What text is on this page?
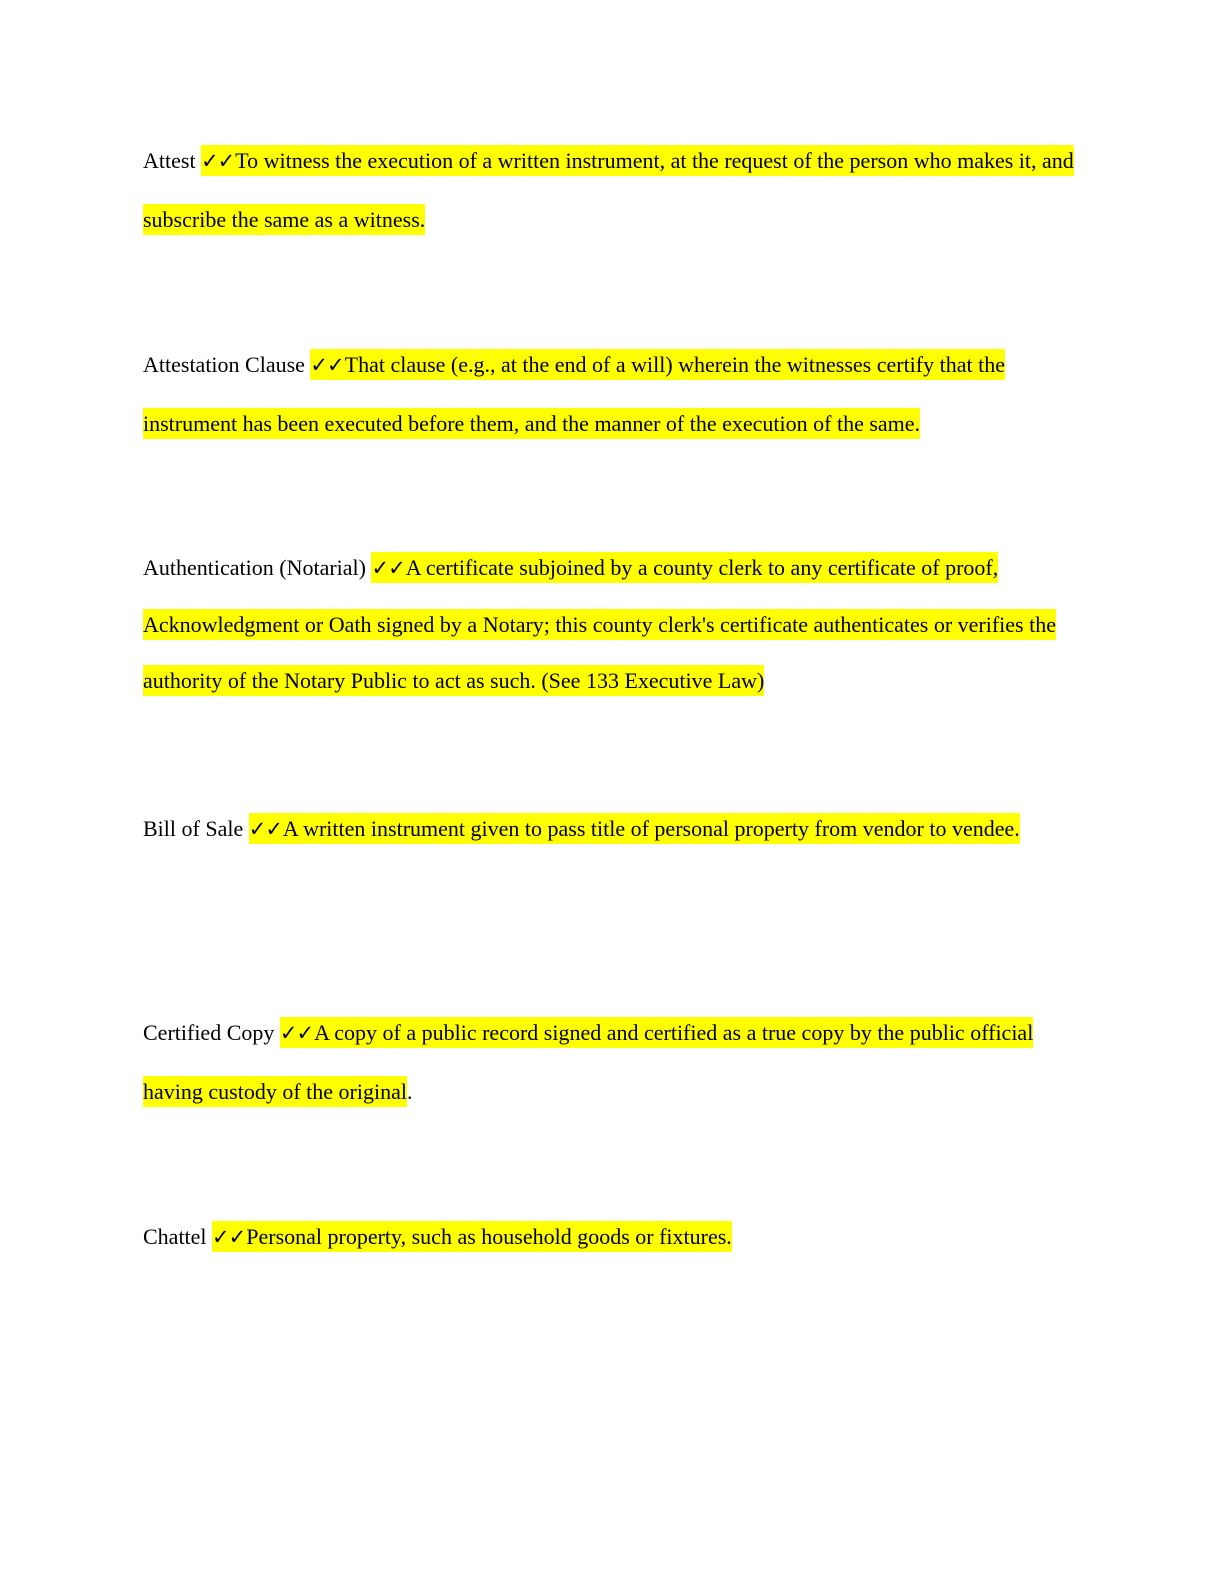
Attest ✓✓To witness the execution of a written instrument, at the request of the person who makes it, and subscribe the same as a witness.

Attestation Clause ✓✓That clause (e.g., at the end of a will) wherein the witnesses certify that the instrument has been executed before them, and the manner of the execution of the same.

Authentication (Notarial) ✓✓A certificate subjoined by a county clerk to any certificate of proof, Acknowledgment or Oath signed by a Notary; this county clerk's certificate authenticates or verifies the authority of the Notary Public to act as such. (See 133 Executive Law)

Bill of Sale ✓✓A written instrument given to pass title of personal property from vendor to vendee.

Certified Copy ✓✓A copy of a public record signed and certified as a true copy by the public official having custody of the original.

Chattel ✓✓Personal property, such as household goods or fixtures.
